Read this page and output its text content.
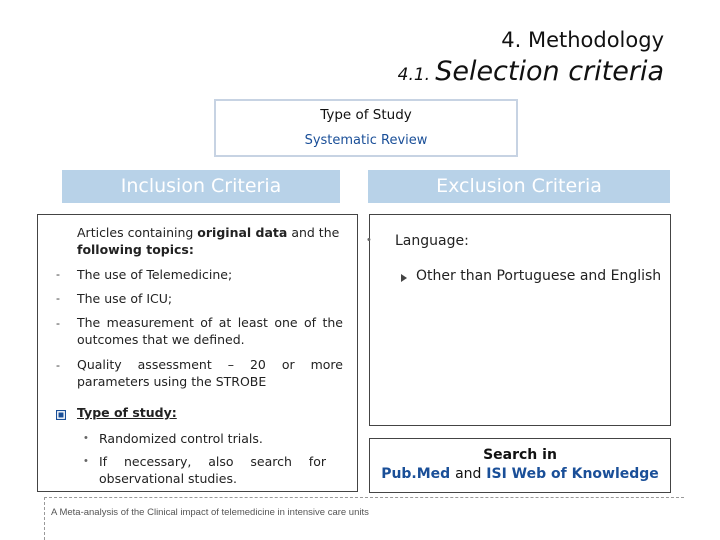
4. Methodology
4.1. Selection criteria
Type of Study
Systematic Review
Inclusion Criteria	Exclusion Criteria
Articles containing original data and the
following topics:
- The use of Telemedicine;
- The use of ICU;
- The measurement of at least one of the
outcomes that we defined.
- Quality assessment – 20 or more
parameters using the STROBE
Type of study:
• Randomized control trials.
• If necessary, also search for
observational studies.
• Language:
Other than Portuguese and English
Search in
Pub.Med and ISI Web of Knowledge
A Meta-analysis of the Clinical impact of telemedicine in intensive care units
